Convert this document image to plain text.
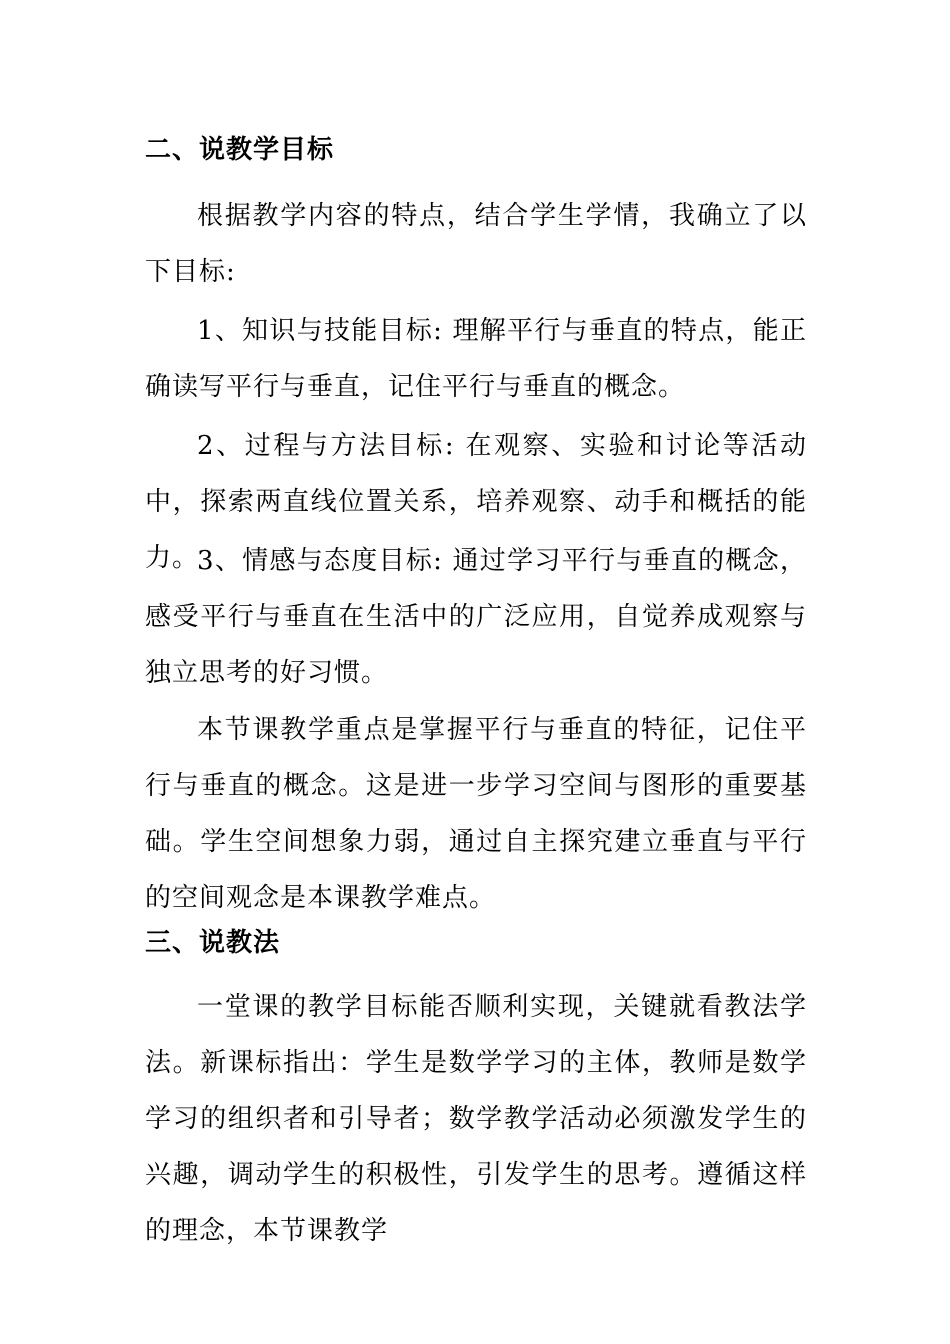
二、说教学目标

根据教学内容的特点，结合学生学情，我确立了以下目标:

1、知识与技能目标: 理解平行与垂直的特点，能正确读写平行与垂直，记住平行与垂直的概念。

2、过程与方法目标: 在观察、实验和讨论等活动中，探索两直线位置关系，培养观察、动手和概括的能力。

3、情感与态度目标: 通过学习平行与垂直的概念，感受平行与垂直在生活中的广泛应用，自觉养成观察与独立思考的好习惯。

本节课教学重点是掌握平行与垂直的特征，记住平行与垂直的概念。这是进一步学习空间与图形的重要基础。学生空间想象力弱，通过自主探究建立垂直与平行的空间观念是本课教学难点。

三、说教法

一堂课的教学目标能否顺利实现，关键就看教法学法。新课标指出：学生是数学学习的主体，教师是数学学习的组织者和引导者；数学教学活动必须激发学生的兴趣，调动学生的积极性，引发学生的思考。遵循这样的理念，本节课教学
